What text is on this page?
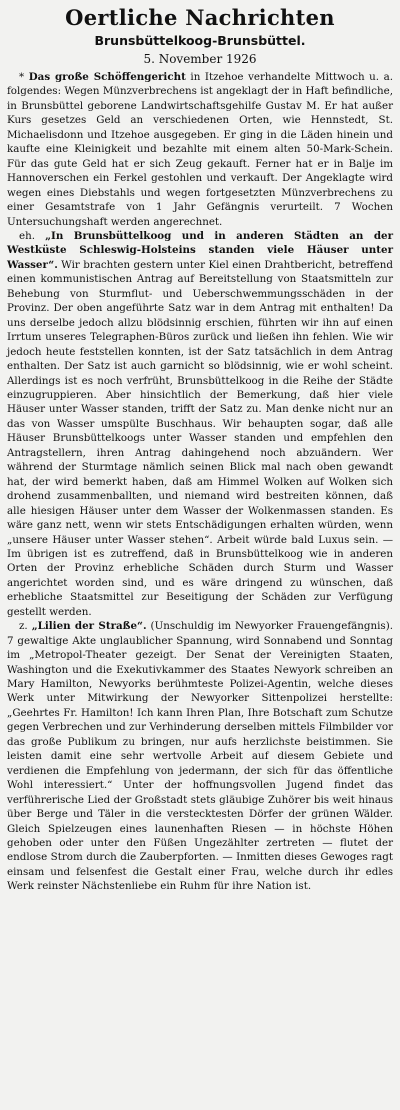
Oertliche Nachrichten
Brunsbüttelkoog-Brunsbüttel.
5. November 1926

* Das große Schöffengericht in Itzehoe verhandelte Mittwoch u. a. folgendes: Wegen Münzverbrechens ist angeklagt der in Haft befindliche, in Brunsbüttel geborene Landwirtschaftsgehilfe Gustav M. Er hat außer Kurs gesetzes Geld an verschiedenen Orten, wie Hennstedt, St. Michaelisdonn und Itzehoe ausgegeben. Er ging in die Läden hinein und kaufte eine Kleinigkeit und bezahlte mit einem alten 50-Mark-Schein. Für das gute Geld hat er sich Zeug gekauft. Ferner hat er in Balje im Hannoverschen ein Ferkel gestohlen und verkauft. Der Angeklagte wird wegen eines Diebstahls und wegen fortgesetzten Münzverbrechens zu einer Gesamtstrafe von 1 Jahr Gefängnis verurteilt. 7 Wochen Untersuchungshaft werden angerechnet.

eh. „In Brunsbüttelkoog und in anderen Städten an der Westküste Schleswig-Holsteins standen viele Häuser unter Wasser“. Wir brachten gestern unter Kiel einen Drahtbericht, betreffend einen kommunistischen Antrag auf Bereitstellung von Staatsmitteln zur Behebung von Sturmflut- und Ueberschwemmungsschäden in der Provinz. Der oben angeführte Satz war in dem Antrag mit enthalten! Da uns derselbe jedoch allzu blödsinnig erschien, führten wir ihn auf einen Irrtum unseres Telegraphen-Büros zurück und ließen ihn fehlen. Wie wir jedoch heute feststellen konnten, ist der Satz tatsächlich in dem Antrag enthalten. Der Satz ist auch garnicht so blödsinnig, wie er wohl scheint. Allerdings ist es noch verfrüht, Brunsbüttelkoog in die Reihe der Städte einzugruppieren. Aber hinsichtlich der Bemerkung, daß hier viele Häuser unter Wasser standen, trifft der Satz zu. Man denke nicht nur an das von Wasser umspülte Buschhaus. Wir behaupten sogar, daß alle Häuser Brunsbüttelkoogs unter Wasser standen und empfehlen den Antragstellern, ihren Antrag dahingehend noch abzuändern. Wer während der Sturmtage nämlich seinen Blick mal nach oben gewandt hat, der wird bemerkt haben, daß am Himmel Wolken auf Wolken sich drohend zusammenballten, und niemand wird bestreiten können, daß alle hiesigen Häuser unter dem Wasser der Wolkenmassen standen. Es wäre ganz nett, wenn wir stets Entschädigungen erhalten würden, wenn „unsere Häuser unter Wasser stehen“. Arbeit würde bald Luxus sein. — Im übrigen ist es zutreffend, daß in Brunsbüttelkoog wie in anderen Orten der Provinz erhebliche Schäden durch Sturm und Wasser angerichtet worden sind, und es wäre dringend zu wünschen, daß erhebliche Staatsmittel zur Beseitigung der Schäden zur Verfügung gestellt werden.

z. „Lilien der Straße“. (Unschuldig im Newyorker Frauengefängnis). 7 gewaltige Akte unglaublicher Spannung, wird Sonnabend und Sonntag im „Metropol-Theater gezeigt. Der Senat der Vereinigten Staaten, Washington und die Exekutivkammer des Staates Newyork schreiben an Mary Hamilton, Newyorks berühmteste Polizei-Agentin, welche dieses Werk unter Mitwirkung der Newyorker Sittenpolizei herstellte: „Geehrtes Fr. Hamilton! Ich kann Ihren Plan, Ihre Botschaft zum Schutze gegen Verbrechen und zur Verhinderung derselben mittels Filmbilder vor das große Publikum zu bringen, nur aufs herzlichste beistimmen. Sie leisten damit eine sehr wertvolle Arbeit auf diesem Gebiete und verdienen die Empfehlung von jedermann, der sich für das öffentliche Wohl interessiert.“ Unter der hoffnungsvollen Jugend findet das verführerische Lied der Großstadt stets gläubige Zuhörer bis weit hinaus über Berge und Täler in die verstecktesten Dörfer der grünen Wälder. Gleich Spielzeugen eines launenhaften Riesen — in höchste Höhen gehoben oder unter den Füßen Ungezählter zertreten — flutet der endlose Strom durch die Zauberpforten. — Inmitten dieses Gewoges ragt einsam und felsenfest die Gestalt einer Frau, welche durch ihr edles Werk reinster Nächstenliebe ein Ruhm für ihre Nation ist.
